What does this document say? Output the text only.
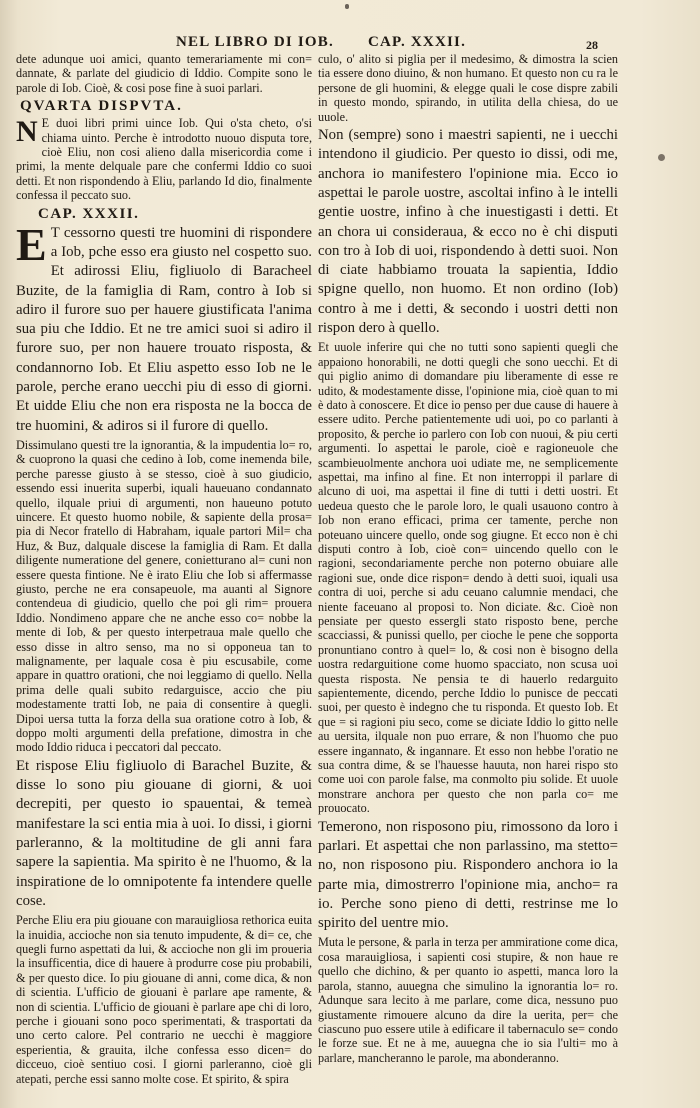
NEL LIBRO DI IOB. CAP. XXXII.	28

dete adunque uoi amici, quanto temerariamente mi con= dannate, & parlate del giudicio di Iddio. Compite sono le parole di Iob. Cioè, & cosi pose fine à suoi parlari.

QVARTA DISPVTA.

N E duoi libri primi uince Iob. Qui o'sta cheto, o'si chiama uinto. Perche è introdotto nuouo disputa tore, cioè Eliu, non cosi alieno dalla misericordia come i primi, la mente delquale pare che confermi Iddio co suoi detti. Et non rispondendo à Eliu, parlando Id dio, finalmente confessa il peccato suo.

CAP. XXXII.

E T cessorno questi tre huomini di rispondere a Iob, pche esso era giusto nel cospetto suo. Et adirossi Eliu, figliuolo di Baracheel Buzite, de la famiglia di Ram, contro à Iob si adiro il furore suo per hauere giustificata l'anima sua piu che Iddio. Et ne tre amici suoi si adiro il furore suo, per non hauere trouato risposta, & condannorno Iob. Et Eliu aspetto esso Iob ne le parole, perche erano uecchi piu di esso di giorni. Et uidde Eliu che non era risposta ne la bocca de tre huomini, & adiros si il furore di quello.

Dissimulano questi tre la ignorantia, & la impudentia lo= ro, & cuoprono la quasi che cedino à Iob, come inemenda bile, perche paresse giusto à se stesso, cioè à suo giudicio, essendo essi inuerita superbi, iquali haueuano condannato quello, ilquale priui di argumenti, non haueuno potuto uincere. Et questo huomo nobile, & sapiente della prosa= pia di Necor fratello di Habraham, iquale partori Mil= cha Huz, & Buz, dalquale discese la famiglia di Ram. Et dalla diligente numeratione del genere, conietturano al= cuni non essere questa fintione. Ne è irato Eliu che Iob si affermasse giusto, perche ne era consapeuole, ma auanti al Signore contendeua di giudicio, quello che poi gli rim= prouera Iddio. Nondimeno appare che ne anche esso co= nobbe la mente di Iob, & per questo interpetraua male quello che esso disse in altro senso, ma no si opponeua tan to malignamente, per laquale cosa è piu escusabile, come appare in quattro orationi, che noi leggiamo di quello. Nella prima delle quali subito redarguisce, accio che piu modestamente tratti Iob, ne paia di consentire à quegli. Dipoi uersa tutta la forza della sua oratione cotro à Iob, & doppo molti argumenti della prefatione, dimostra in che modo Iddio riduca i peccatori dal peccato.

Et rispose Eliu figliuolo di Barachel Buzite, & disse lo sono piu giouane di giorni, & uoi decrepiti, per questo io spauentai, & temeà manifestare la sci entia mia à uoi. Io dissi, i giorni parleranno, & la moltitudine de gli anni fara sapere la sapientia. Ma spirito è ne l'huomo, & la inspiratione de lo omnipotente fa intendere quelle cose.

Perche Eliu era piu giouane con marauigliosa rethorica euita la inuidia, accioche non sia tenuto impudente, & di= ce, che quegli furno aspettati da lui, & accioche non gli im proueria la insufficentia, dice di hauere à produrre cose piu probabili, & per questo dice. Io piu giouane di anni, come dica, & non di scientia. L'ufficio de giouani è parlare ape ramente, & non di scientia. L'ufficio de giouani è parlare ape chi di loro, perche i giouani sono poco sperimentati, & trasportati da uno certo calore. Pel contrario ne uecchi è maggiore esperientia, & grauita, ilche confessa esso dicen= do dicceuo, cioè sentiuo cosi. I giorni parleranno, cioè gli atepati, perche essi sanno molte cose. Et spirito, & spira

culo, o' alito si piglia per il medesimo, & dimostra la scien tia essere dono diuino, & non humano. Et questo non cu ra le persone de gli huomini, & elegge quali le cose dispre zabili in questo mondo, spirando, in utilita della chiesa, do ue uuole.

Non (sempre) sono i maestri sapienti, ne i uecchi intendono il giudicio. Per questo io dissi, odi me, anchora io manifestero l'opinione mia. Ecco io aspettai le parole uostre, ascoltai infino à le intelli gentie uostre, infino à che inuestigasti i detti. Et an chora ui consideraua, & ecco no è chi disputi con tro à Iob di uoi, rispondendo à detti suoi. Non di ciate habbiamo trouata la sapientia, Iddio spigne quello, non huomo. Et non ordino (Iob) contro à me i detti, & secondo i uostri detti non rispon dero à quello.

Et uuole inferire qui che no tutti sono sapienti quegli che appaiono honorabili, ne dotti quegli che sono uecchi. Et di qui piglio animo di domandare piu liberamente di esse re udito, & modestamente disse, l'opinione mia, cioè quan to mi è dato à conoscere. Et dice io penso per due cause di hauere à essere udito. Perche patientemente udi uoi, po co parlanti à proposito, & perche io parlero con Iob con nuoui, & piu certi argumenti. Io aspettai le parole, cioè e ragioneuole che scambieuolmente anchora uoi udiate me, ne semplicemente aspettai, ma infino al fine. Et non interroppi il parlare di alcuno di uoi, ma aspettai il fine di tutti i detti uostri. Et uedeua questo che le parole loro, le quali usauono contro à Iob non erano efficaci, prima cer tamente, perche non poteuano uincere quello, onde sog giugne. Et ecco non è chi disputi contro à Iob, cioè con= uincendo quello con le ragioni, secondariamente perche non poterno obuiare alle ragioni sue, onde dice rispon= dendo à detti suoi, iquali usa contra di uoi, perche si adu ceuano calumnie mendaci, che niente faceuano al proposi to. Non diciate. &c. Cioè non pensiate per questo essergli stato risposto bene, perche scacciassi, & punissi quello, per cioche le pene che sopporta pronuntiano contro à quel= lo, & cosi non è bisogno della uostra redarguitione come huomo spacciato, non scusa uoi questa risposta. Ne pensia te di hauerlo redarguito sapientemente, dicendo, perche Iddio lo punisce de peccati suoi, per questo è indegno che tu risponda. Et questo Iob. Et que = si ragioni piu seco, come se diciate Iddio lo gitto nelle au uersita, ilquale non puo errare, & non l'huomo che puo essere ingannato, & ingannare. Et esso non hebbe l'oratio ne sua contra dime, & se l'hauesse hauuta, non harei rispo sto come uoi con parole false, ma conmolto piu solide. Et uuole monstrare anchora per questo che non parla co= me prouocato.

Temerono, non risposono piu, rimossono da loro i parlari. Et aspettai che non parlassino, ma stetto= no, non risposono piu. Rispondero anchora io la parte mia, dimostrerro l'opinione mia, ancho= ra io. Perche sono pieno di detti, restrinse me lo spirito del uentre mio.

Muta le persone, & parla in terza per ammiratione come dica, cosa marauigliosa, i sapienti cosi stupire, & non haue re quello che dichino, & per quanto io aspetti, manca loro la parola, stanno, auuegna che simulino la ignorantia lo= ro. Adunque sara lecito à me parlare, come dica, nessuno puo giustamente rimouere alcuno da dire la uerita, per= che ciascuno puo essere utile à edificare il tabernaculo se= condo le forze sue. Et ne à me, auuegna che io sia l'ulti= mo à parlare, mancheranno le parole, ma abonderanno.
